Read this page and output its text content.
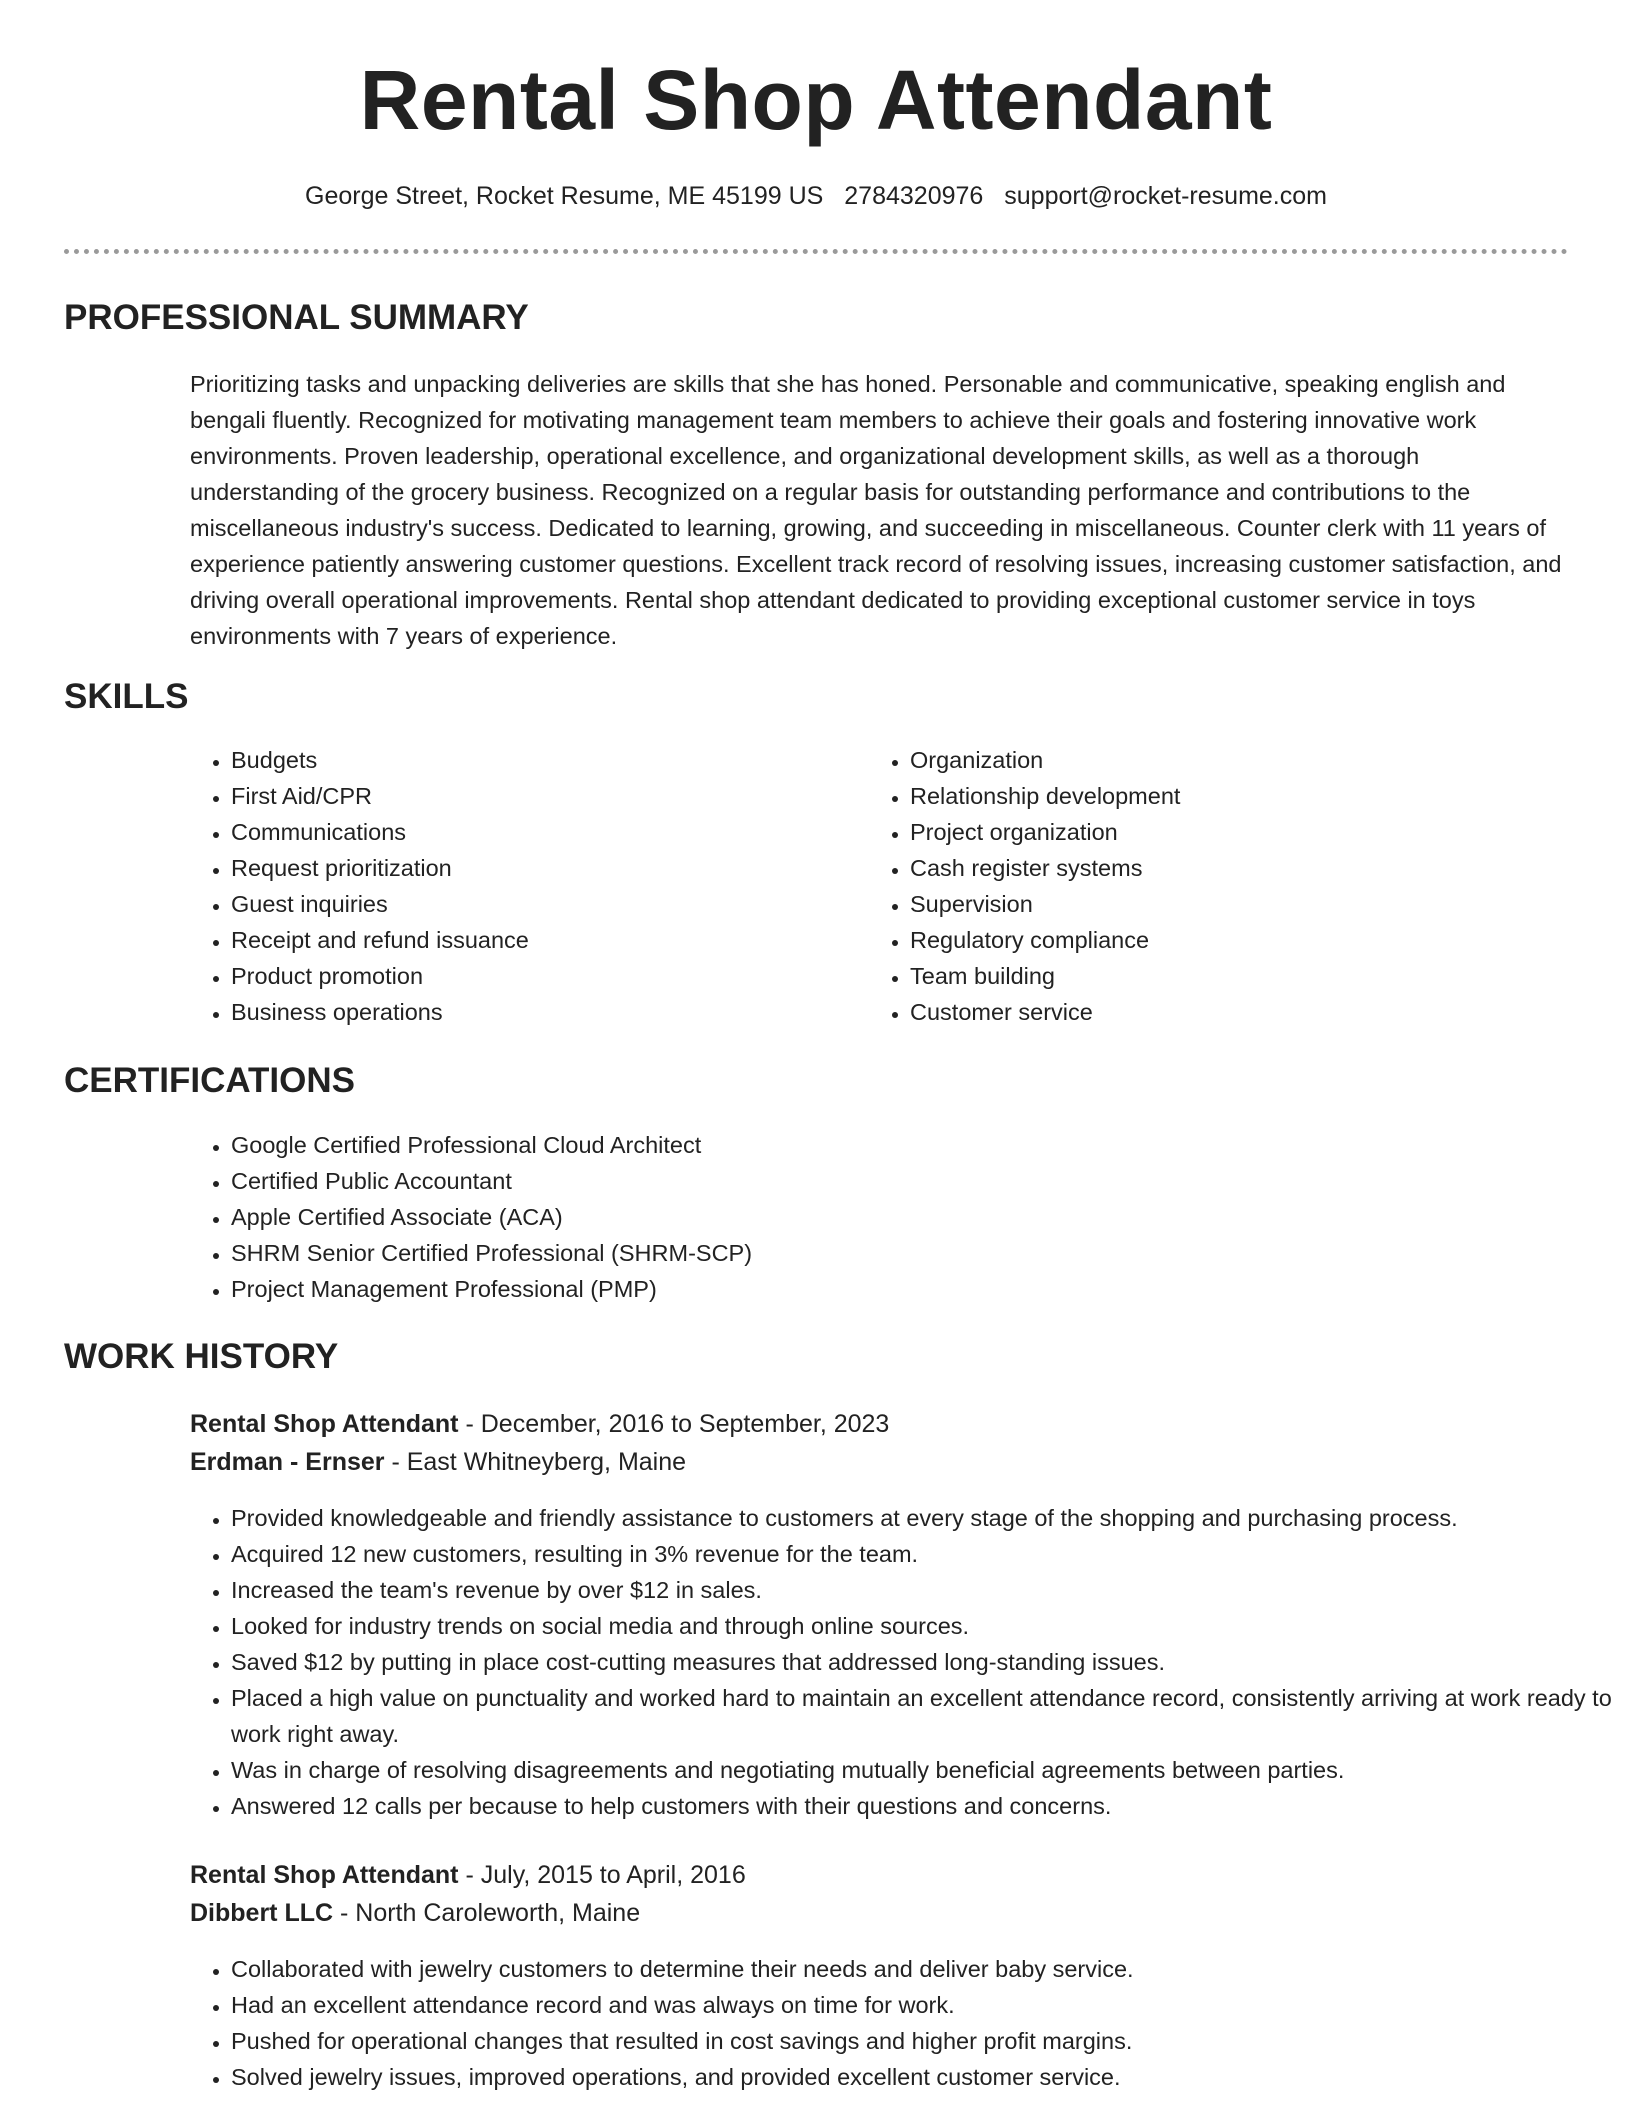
Rental Shop Attendant
George Street, Rocket Resume, ME 45199 US 2784320976 support@rocket-resume.com
PROFESSIONAL SUMMARY

Prioritizing tasks and unpacking deliveries are skills that she has honed. Personable and communicative, speaking english and bengali fluently. Recognized for motivating management team members to achieve their goals and fostering innovative work environments. Proven leadership, operational excellence, and organizational development skills, as well as a thorough understanding of the grocery business. Recognized on a regular basis for outstanding performance and contributions to the miscellaneous industry's success. Dedicated to learning, growing, and succeeding in miscellaneous. Counter clerk with 11 years of experience patiently answering customer questions. Excellent track record of resolving issues, increasing customer satisfaction, and driving overall operational improvements. Rental shop attendant dedicated to providing exceptional customer service in toys environments with 7 years of experience.

SKILLS
• Budgets
• First Aid/CPR
• Communications
• Request prioritization
• Guest inquiries
• Receipt and refund issuance
• Product promotion
• Business operations
• Organization
• Relationship development
• Project organization
• Cash register systems
• Supervision
• Regulatory compliance
• Team building
• Customer service
CERTIFICATIONS
• Google Certified Professional Cloud Architect
• Certified Public Accountant
• Apple Certified Associate (ACA)
• SHRM Senior Certified Professional (SHRM-SCP)
• Project Management Professional (PMP)
WORK HISTORY
Rental Shop Attendant - December, 2016 to September, 2023
Erdman - Ernser - East Whitneyberg, Maine
• Provided knowledgeable and friendly assistance to customers at every stage of the shopping and purchasing process.
• Acquired 12 new customers, resulting in 3% revenue for the team.
• Increased the team's revenue by over $12 in sales.
• Looked for industry trends on social media and through online sources.
• Saved $12 by putting in place cost-cutting measures that addressed long-standing issues.
• Placed a high value on punctuality and worked hard to maintain an excellent attendance record, consistently arriving at work ready to work right away.
• Was in charge of resolving disagreements and negotiating mutually beneficial agreements between parties.
• Answered 12 calls per because to help customers with their questions and concerns.
Rental Shop Attendant - July, 2015 to April, 2016
Dibbert LLC - North Caroleworth, Maine
• Collaborated with jewelry customers to determine their needs and deliver baby service.
• Had an excellent attendance record and was always on time for work.
• Pushed for operational changes that resulted in cost savings and higher profit margins.
• Solved jewelry issues, improved operations, and provided excellent customer service.
